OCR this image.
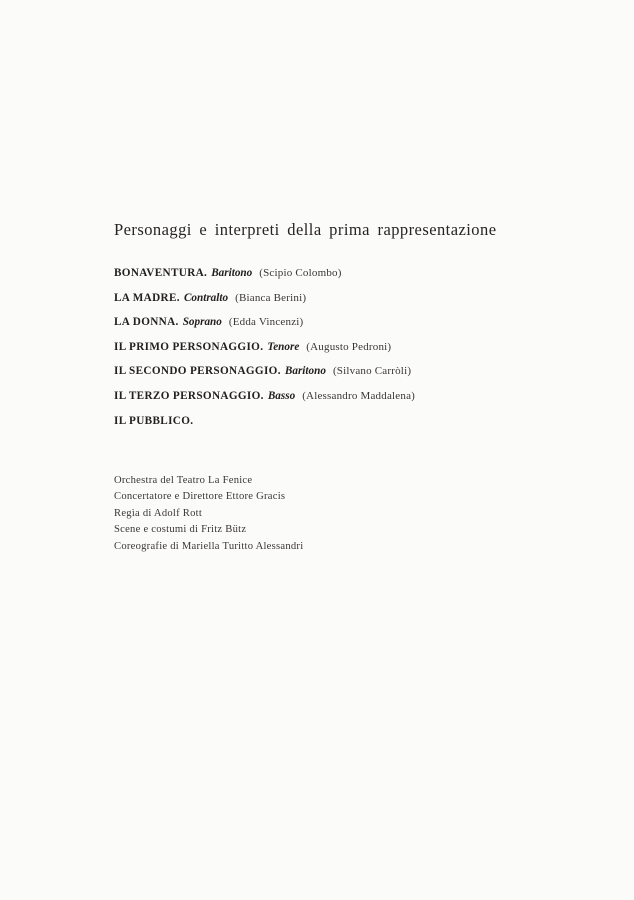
Personaggi e interpreti della prima rappresentazione
BONAVENTURA. Baritono (Scipio Colombo)
LA MADRE. Contralto (Bianca Berini)
LA DONNA. Soprano (Edda Vincenzi)
IL PRIMO PERSONAGGIO. Tenore (Augusto Pedroni)
IL SECONDO PERSONAGGIO. Baritono (Silvano Carròli)
IL TERZO PERSONAGGIO. Basso (Alessandro Maddalena)
IL PUBBLICO.
Orchestra del Teatro La Fenice
Concertatore e Direttore Ettore Gracis
Regìa di Adolf Rott
Scene e costumi di Fritz Bütz
Coreografie di Mariella Turitto Alessandri
